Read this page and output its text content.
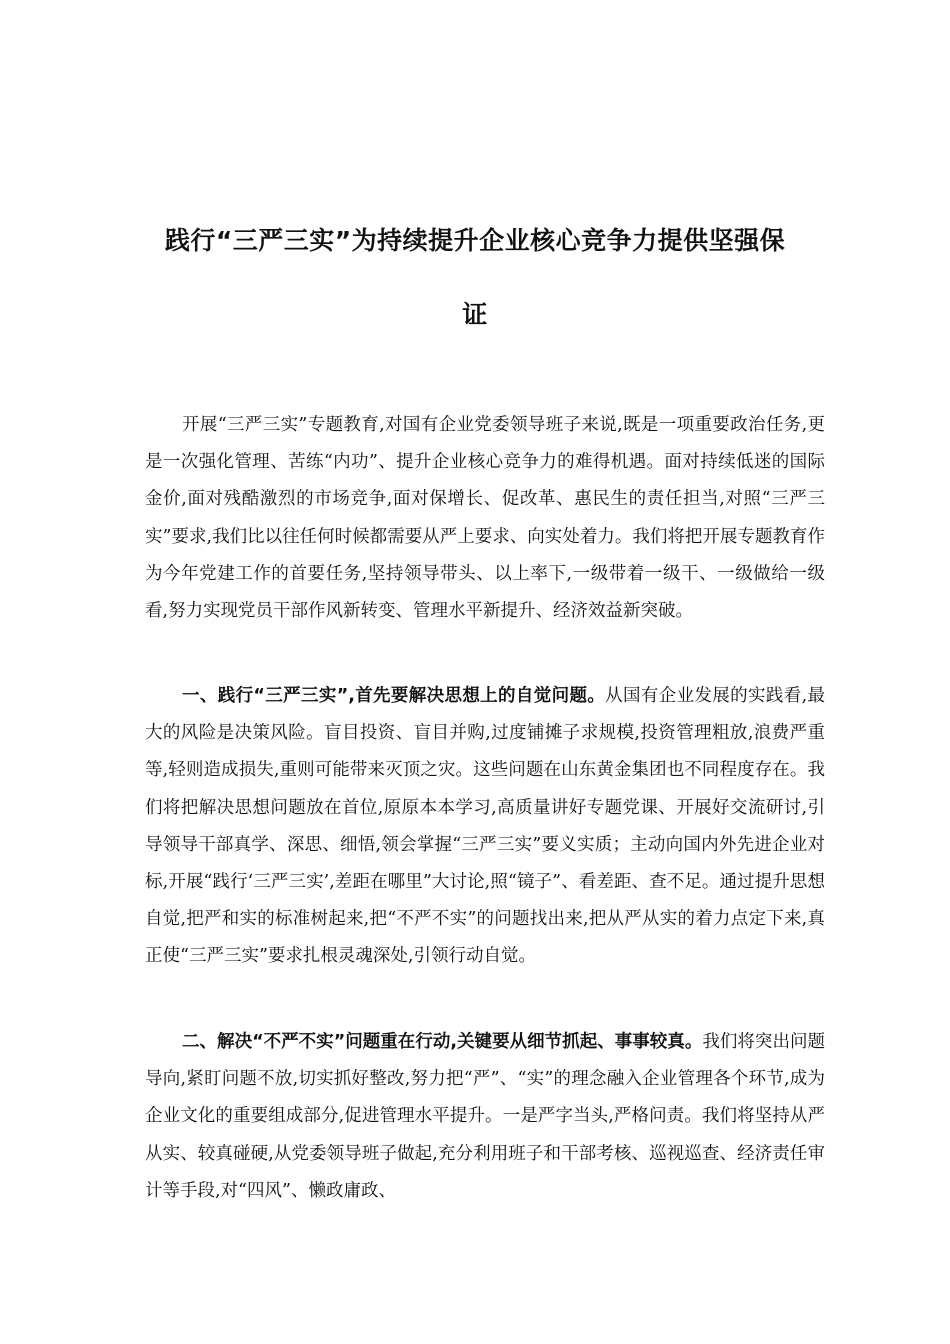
践行“三严三实”为持续提升企业核心竞争力提供坚强保
证

开展“三严三实”专题教育,对国有企业党委领导班子来说,既是一项重要政治任务,更是一次强化管理、苦练“内功”、提升企业核心竞争力的难得机遇。面对持续低迷的国际金价,面对残酷激烈的市场竞争,面对保增长、促改革、惠民生的责任担当,对照“三严三实”要求,我们比以往任何时候都需要从严上要求、向实处着力。我们将把开展专题教育作为今年党建工作的首要任务,坚持领导带头、以上率下,一级带着一级干、一级做给一级看,努力实现党员干部作风新转变、管理水平新提升、经济效益新突破。

一、践行“三严三实”,首先要解决思想上的自觉问题。从国有企业发展的实践看,最大的风险是决策风险。盲目投资、盲目并购,过度铺摊子求规模,投资管理粗放,浪费严重等,轻则造成损失,重则可能带来灭顶之灾。这些问题在山东黄金集团也不同程度存在。我们将把解决思想问题放在首位,原原本本学习,高质量讲好专题党课、开展好交流研讨,引导领导干部真学、深思、细悟,领会掌握“三严三实”要义实质；主动向国内外先进企业对标,开展“践行‘三严三实’,差距在哪里”大讨论,照“镜子”、看差距、查不足。通过提升思想自觉,把严和实的标准树起来,把“不严不实”的问题找出来,把从严从实的着力点定下来,真正使“三严三实”要求扎根灵魂深处,引领行动自觉。

二、解决“不严不实”问题重在行动,关键要从细节抓起、事事较真。我们将突出问题导向,紧盯问题不放,切实抓好整改,努力把“严”、“实”的理念融入企业管理各个环节,成为企业文化的重要组成部分,促进管理水平提升。一是严字当头,严格问责。我们将坚持从严从实、较真碰硬,从党委领导班子做起,充分利用班子和干部考核、巡视巡查、经济责任审计等手段,对“四风”、懒政庸政、
